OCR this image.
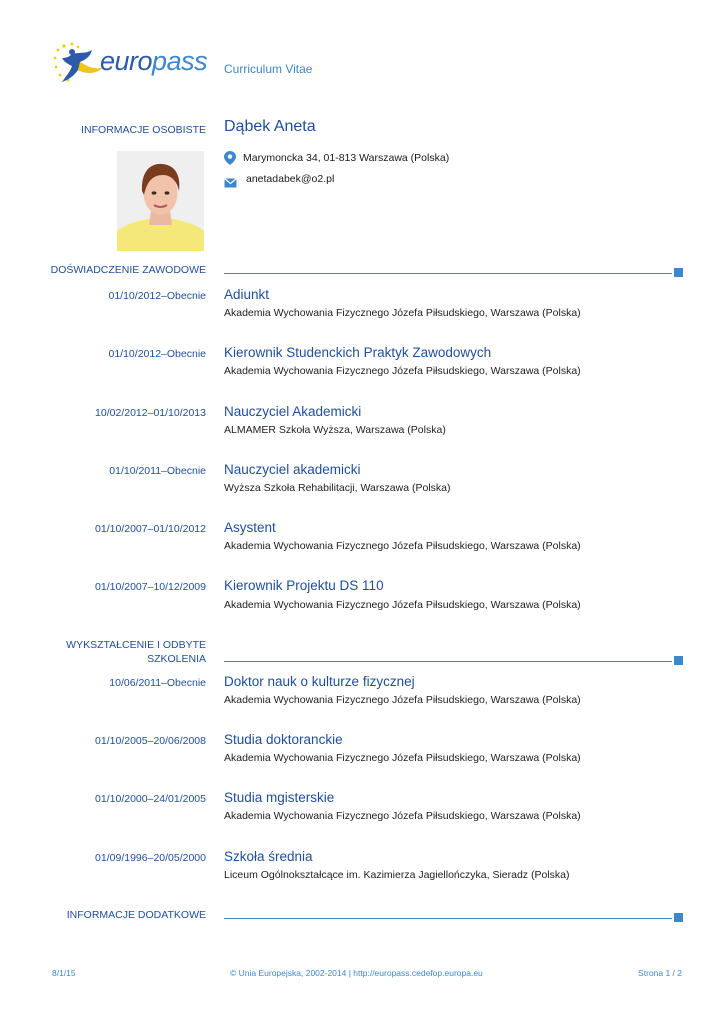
europass Curriculum Vitae
INFORMACJE OSOBISTE Dąbek Aneta
Marymoncka 34, 01-813 Warszawa (Polska)
anetadabek@o2.pl
DOŚWIADCZENIE ZAWODOWE
01/10/2012–Obecnie Adiunkt
Akademia Wychowania Fizycznego Józefa Piłsudskiego, Warszawa (Polska)
01/10/2012–Obecnie Kierownik Studenckich Praktyk Zawodowych
Akademia Wychowania Fizycznego Józefa Piłsudskiego, Warszawa (Polska)
10/02/2012–01/10/2013 Nauczyciel Akademicki
ALMAMER Szkoła Wyższa, Warszawa (Polska)
01/10/2011–Obecnie Nauczyciel akademicki
Wyższa Szkoła Rehabilitacji, Warszawa (Polska)
01/10/2007–01/10/2012 Asystent
Akademia Wychowania Fizycznego Józefa Piłsudskiego, Warszawa (Polska)
01/10/2007–10/12/2009 Kierownik Projektu DS 110
Akademia Wychowania Fizycznego Józefa Piłsudskiego, Warszawa (Polska)
WYKSZTAŁCENIE I ODBYTE
SZKOLENIA
10/06/2011–Obecnie Doktor nauk o kulturze fizycznej
Akademia Wychowania Fizycznego Józefa Piłsudskiego, Warszawa (Polska)
01/10/2005–20/06/2008 Studia doktoranckie
Akademia Wychowania Fizycznego Józefa Piłsudskiego, Warszawa (Polska)
01/10/2000–24/01/2005 Studia mgisterskie
Akademia Wychowania Fizycznego Józefa Piłsudskiego, Warszawa (Polska)
01/09/1996–20/05/2000 Szkoła średnia
Liceum Ogólnokształcące im. Kazimierza Jagiellończyka, Sieradz (Polska)
INFORMACJE DODATKOWE
8/1/15	© Unia Europejska, 2002-2014 | http://europass.cedefop.europa.eu	Strona 1 / 2
